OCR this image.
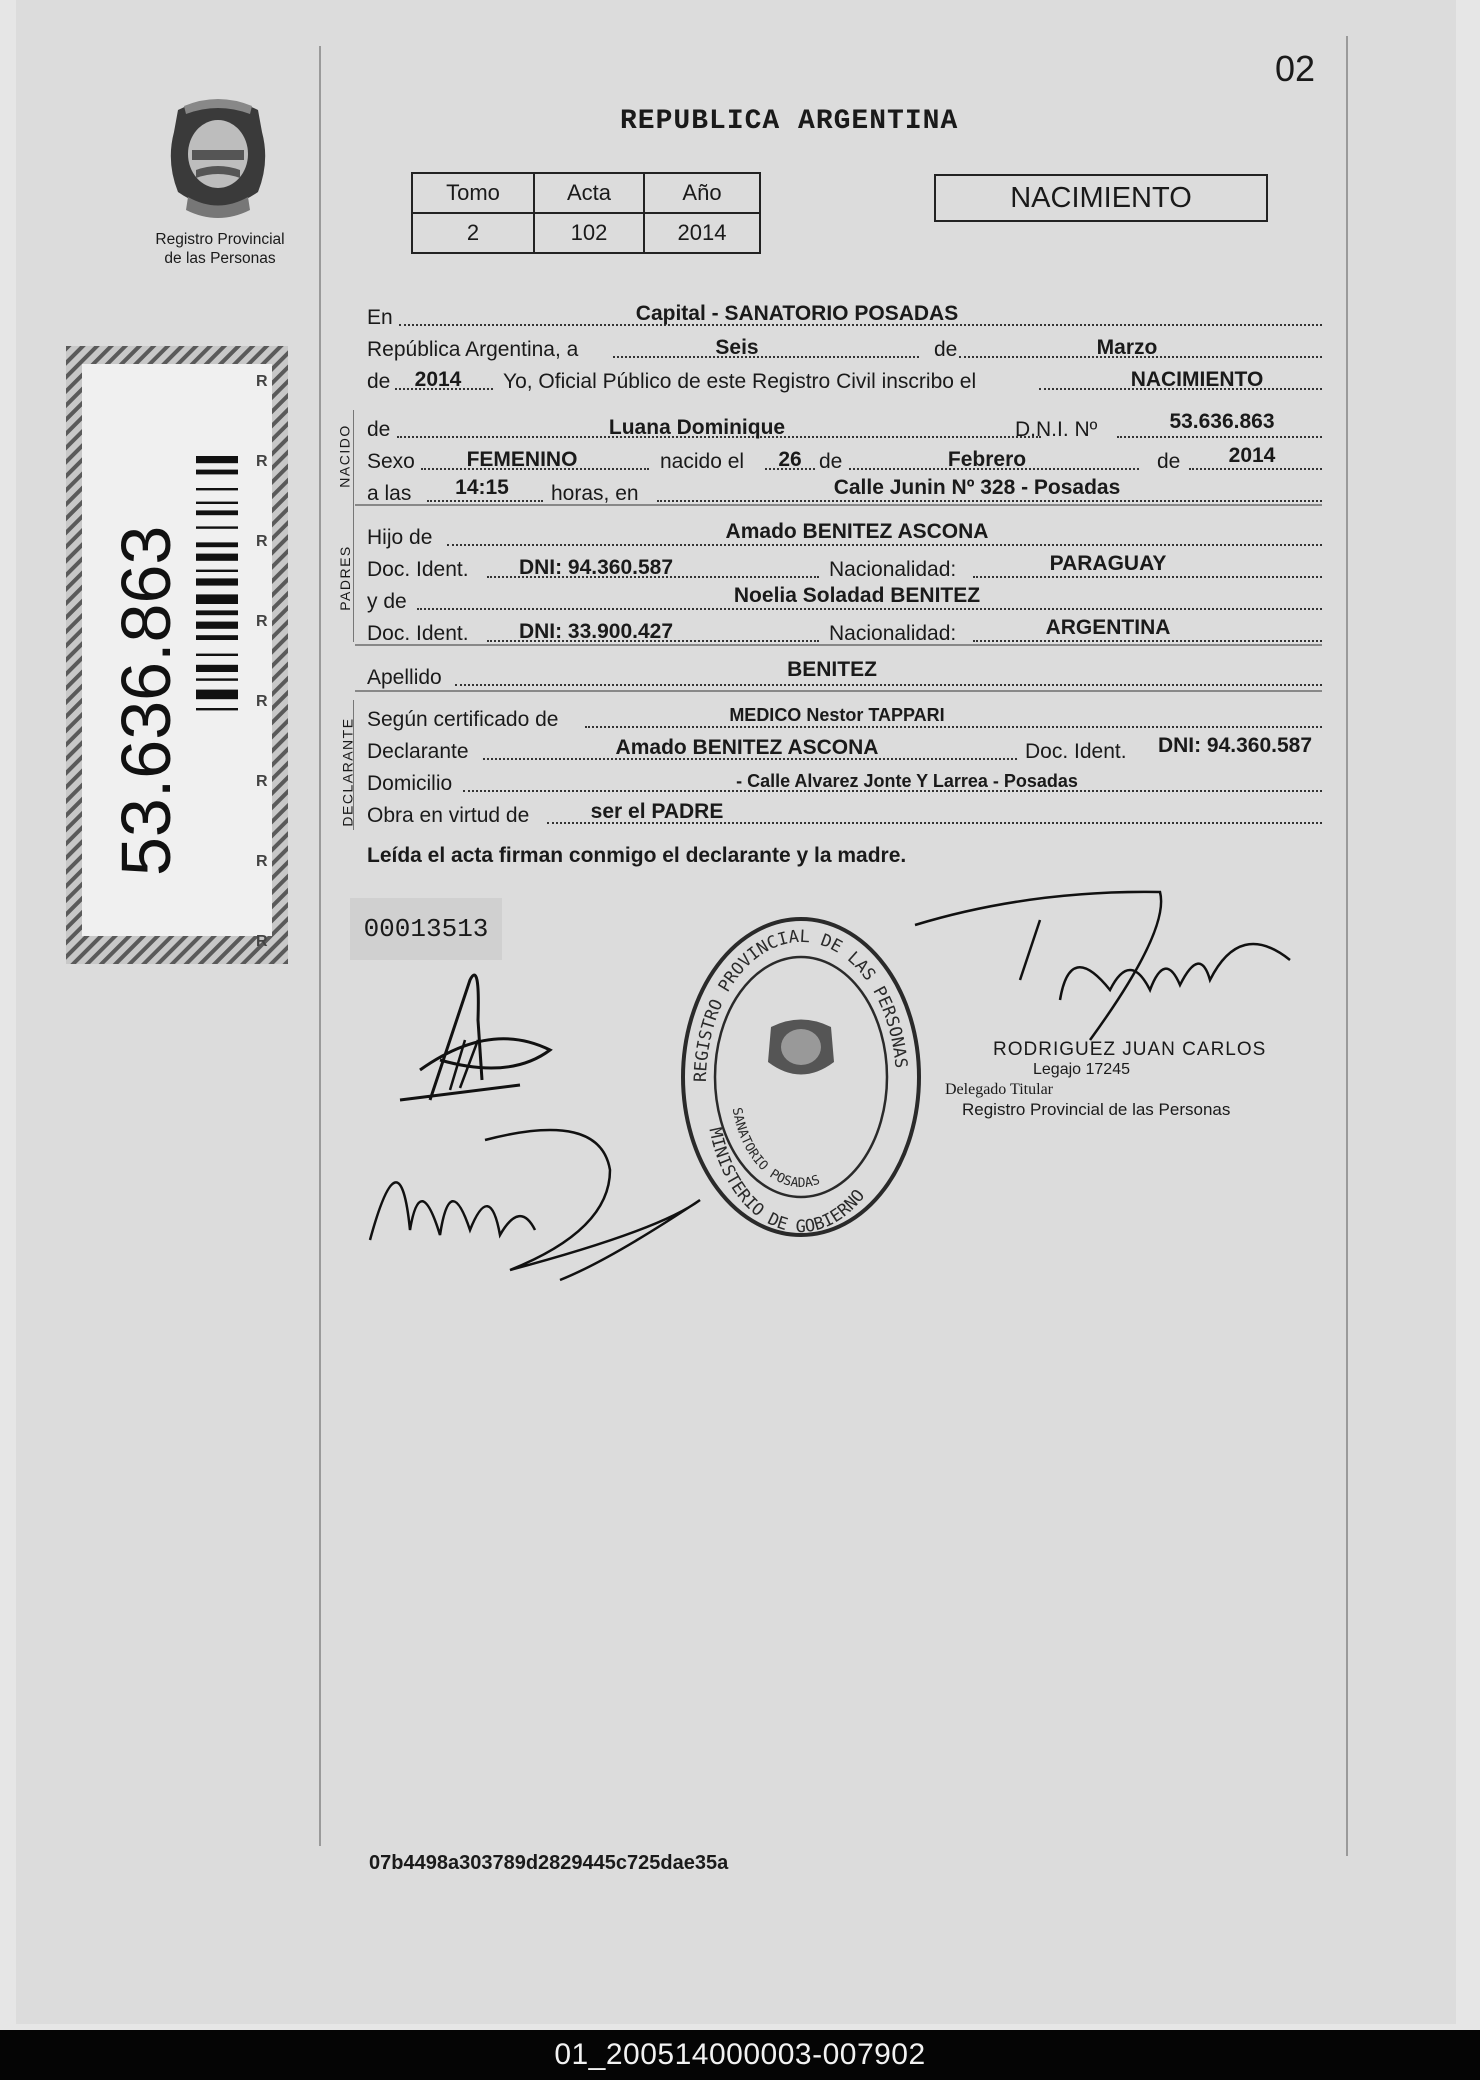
02
REPUBLICA ARGENTINA
Registro Provincial
de las Personas
Tomo	Acta	Año
2	102	2014
NACIMIENTO
53.636.863
R
R
R
R
R
R
R
R
NACIDO
PADRES
DECLARANTE
En	Capital - SANATORIO POSADAS
República Argentina, a	Seis	de	Marzo
de	2014	Yo, Oficial Público de este Registro Civil inscribo el	NACIMIENTO
de	Luana Dominique	D.N.I. Nº	53.636.863
Sexo	FEMENINO	nacido el	26 de	Febrero	de	2014
a las	14:15	horas, en	Calle Junin Nº 328 - Posadas
Hijo de	Amado BENITEZ ASCONA
Doc. Ident.	DNI: 94.360.587	Nacionalidad:	PARAGUAY
y de	Noelia Soladad BENITEZ
Doc. Ident.	DNI: 33.900.427	Nacionalidad:	ARGENTINA
Apellido	BENITEZ
Según certificado de	MEDICO Nestor TAPPARI
Declarante	Amado BENITEZ ASCONA	Doc. Ident.	DNI: 94.360.587
Domicilio	- Calle Alvarez Jonte Y Larrea - Posadas
Obra en virtud de	ser el PADRE
Leída el acta firman conmigo el declarante y la madre.
00013513
REGISTRO PROVINCIAL DE LAS PERSONAS
MINISTERIO DE GOBIERNO
SANATORIO POSADAS
RODRIGUEZ JUAN CARLOS
Legajo 17245
Delegado Titular
Registro Provincial de las Personas
07b4498a303789d2829445c725dae35a
01_200514000003-007902
